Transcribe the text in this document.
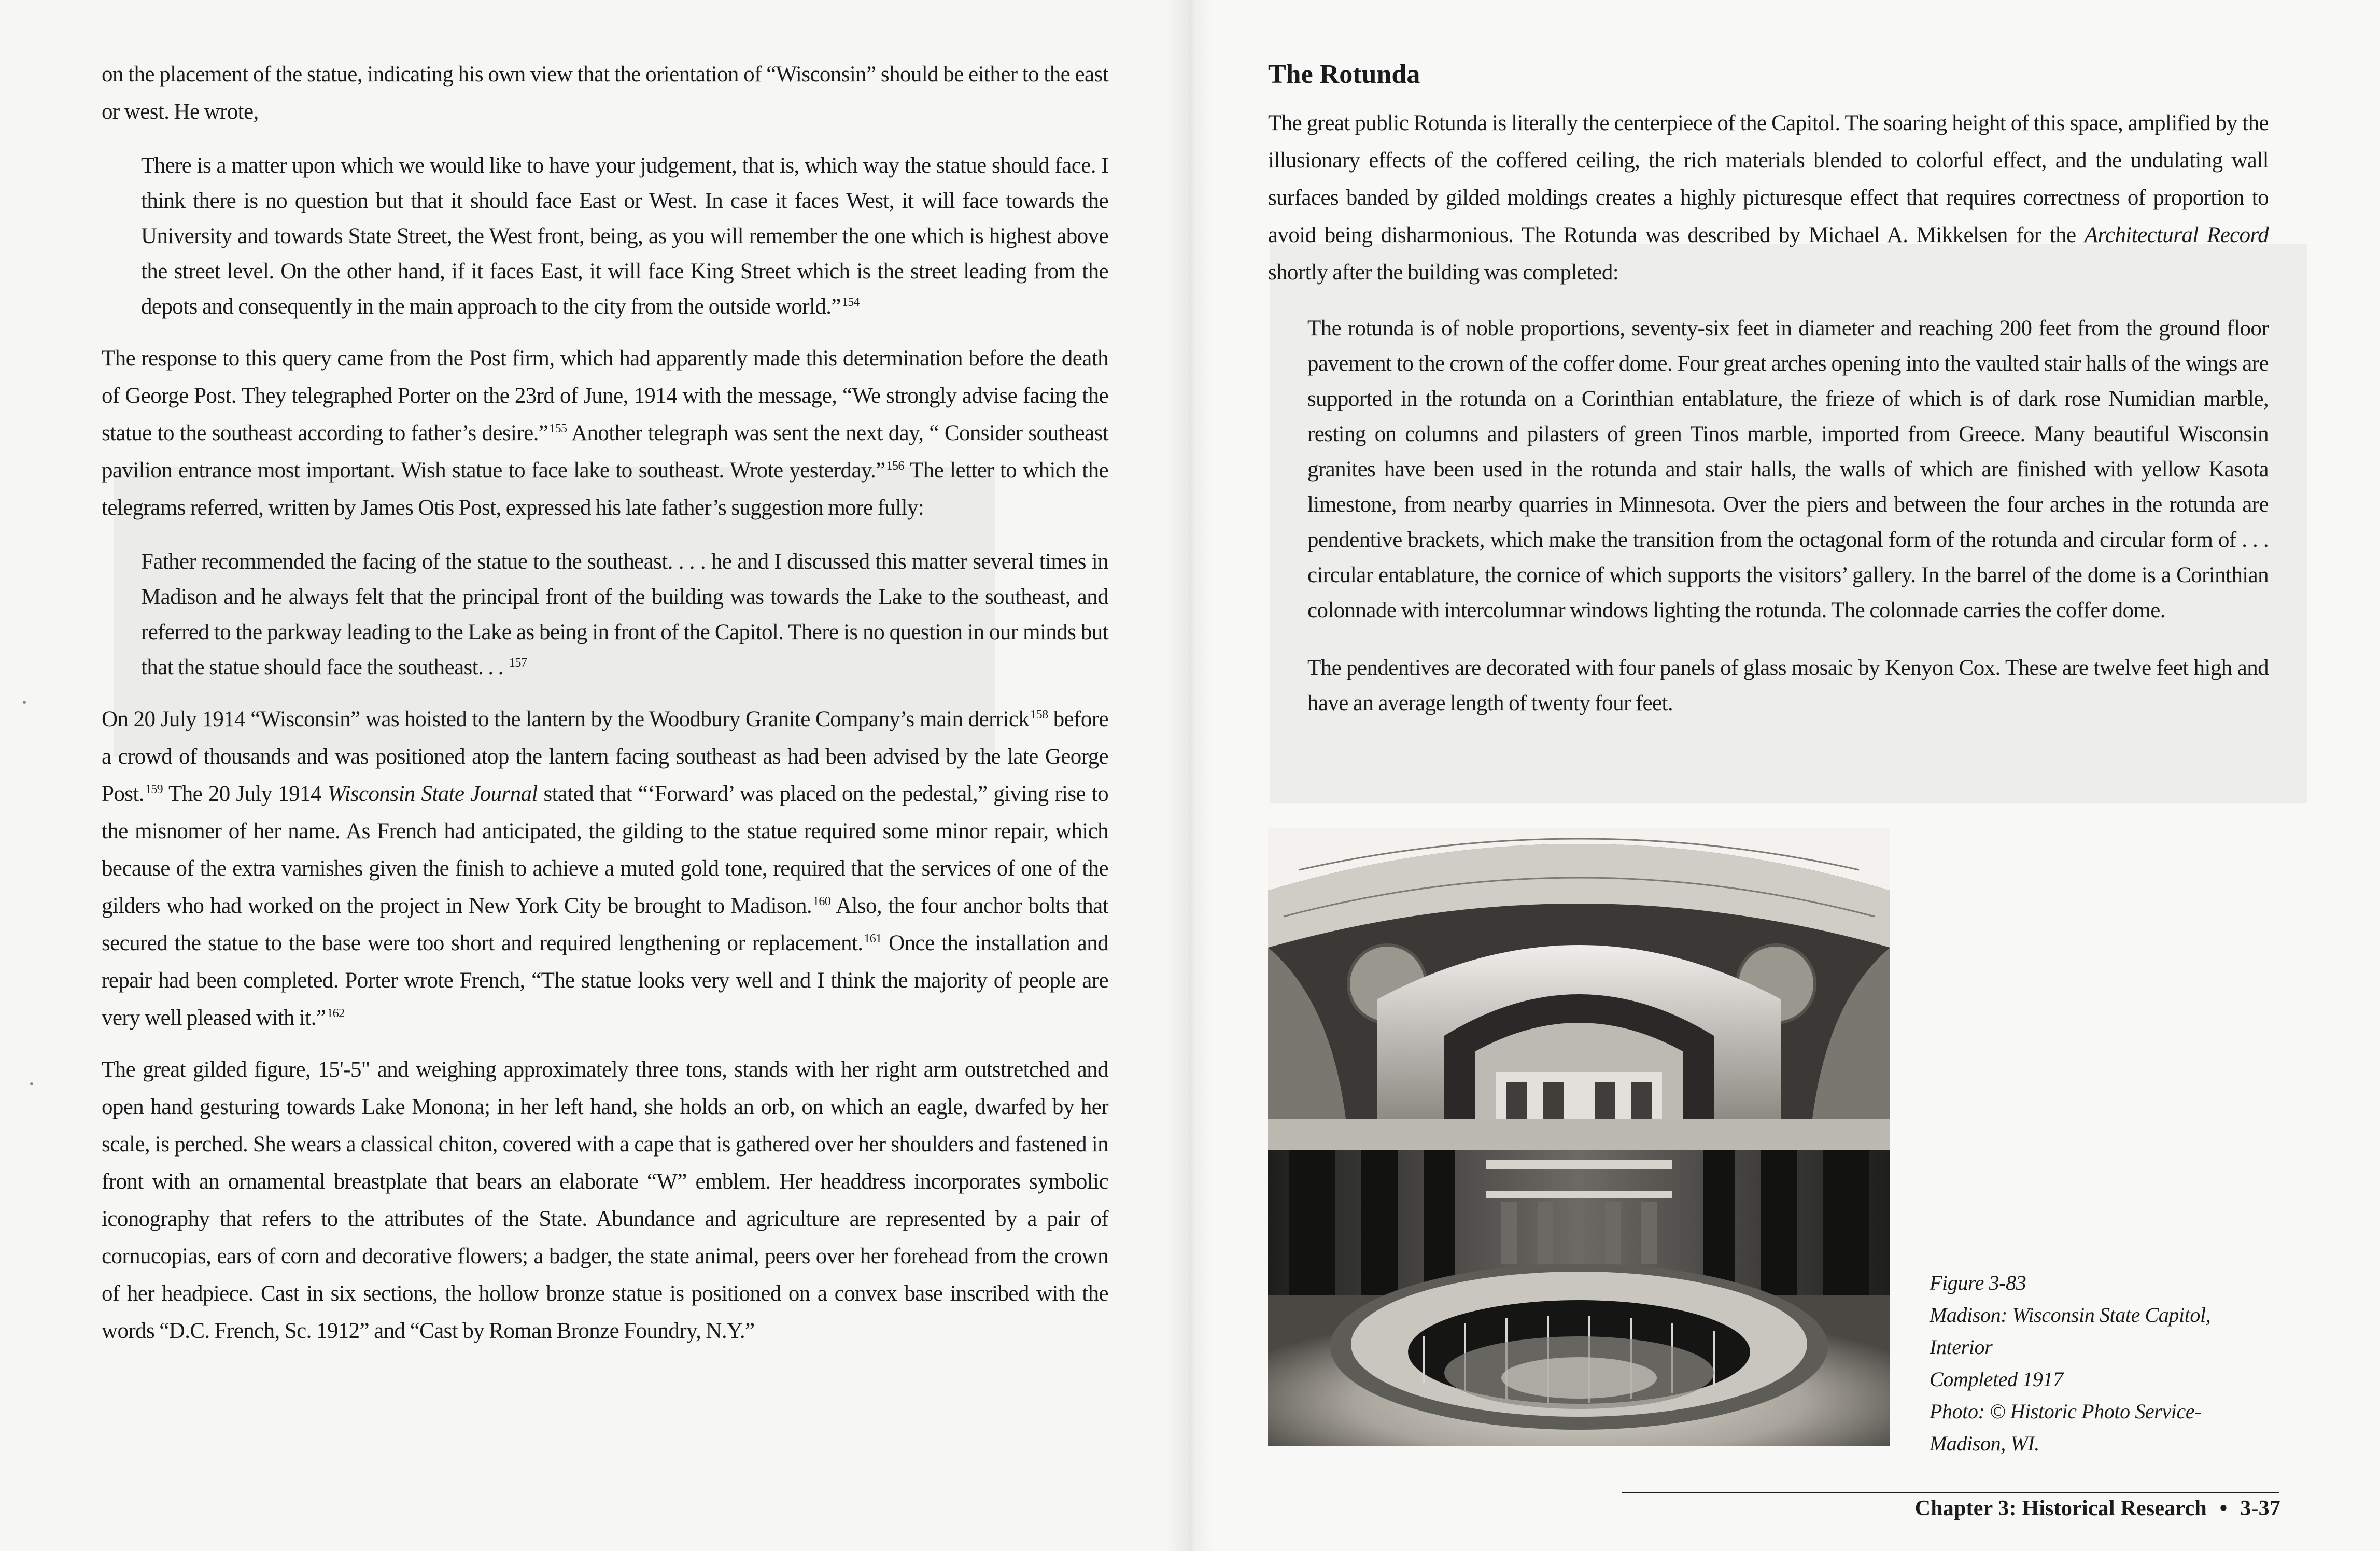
on the placement of the statue, indicating his own view that the orientation of “Wisconsin” should be either to the east or west. He wrote,

There is a matter upon which we would like to have your judgement, that is, which way the statue should face. I think there is no question but that it should face East or West. In case it faces West, it will face towards the University and towards State Street, the West front, being, as you will remember the one which is highest above the street level. On the other hand, if it faces East, it will face King Street which is the street leading from the depots and consequently in the main approach to the city from the outside world.”$^{154}$

The response to this query came from the Post firm, which had apparently made this determination before the death of George Post. They telegraphed Porter on the 23rd of June, 1914 with the message, “We strongly advise facing the statue to the southeast according to father’s desire.”$^{155}$ Another telegraph was sent the next day, “ Consider southeast pavilion entrance most important. Wish statue to face lake to southeast. Wrote yesterday.”$^{156}$ The letter to which the telegrams referred, written by James Otis Post, expressed his late father’s suggestion more fully:

Father recommended the facing of the statue to the southeast. . . . he and I discussed this matter several times in Madison and he always felt that the principal front of the building was towards the Lake to the southeast, and referred to the parkway leading to the Lake as being in front of the Capitol. There is no question in our minds but that the statue should face the southeast. . . $^{157}$

On 20 July 1914 “Wisconsin” was hoisted to the lantern by the Woodbury Granite Company’s main derrick$^{158}$ before a crowd of thousands and was positioned atop the lantern facing southeast as had been advised by the late George Post.$^{159}$ The 20 July 1914 Wisconsin State Journal stated that “‘Forward’ was placed on the pedestal,” giving rise to the misnomer of her name. As French had anticipated, the gilding to the statue required some minor repair, which because of the extra varnishes given the finish to achieve a muted gold tone, required that the services of one of the gilders who had worked on the project in New York City be brought to Madison.$^{160}$ Also, the four anchor bolts that secured the statue to the base were too short and required lengthening or replacement.$^{161}$ Once the installation and repair had been completed. Porter wrote French, “The statue looks very well and I think the majority of people are very well pleased with it.”$^{162}$

The great gilded figure, 15'-5" and weighing approximately three tons, stands with her right arm outstretched and open hand gesturing towards Lake Monona; in her left hand, she holds an orb, on which an eagle, dwarfed by her scale, is perched. She wears a classical chiton, covered with a cape that is gathered over her shoulders and fastened in front with an ornamental breastplate that bears an elaborate “W” emblem. Her headdress incorporates symbolic iconography that refers to the attributes of the State. Abundance and agriculture are represented by a pair of cornucopias, ears of corn and decorative flowers; a badger, the state animal, peers over her forehead from the crown of her headpiece. Cast in six sections, the hollow bronze statue is positioned on a convex base inscribed with the words “D.C. French, Sc. 1912” and “Cast by Roman Bronze Foundry, N.Y.”

The Rotunda

The great public Rotunda is literally the centerpiece of the Capitol. The soaring height of this space, amplified by the illusionary effects of the coffered ceiling, the rich materials blended to colorful effect, and the undulating wall surfaces banded by gilded moldings creates a highly picturesque effect that requires correctness of proportion to avoid being disharmonious. The Rotunda was described by Michael A. Mikkelsen for the Architectural Record shortly after the building was completed:

The rotunda is of noble proportions, seventy-six feet in diameter and reaching 200 feet from the ground floor pavement to the crown of the coffer dome. Four great arches opening into the vaulted stair halls of the wings are supported in the rotunda on a Corinthian entablature, the frieze of which is of dark rose Numidian marble, resting on columns and pilasters of green Tinos marble, imported from Greece. Many beautiful Wisconsin granites have been used in the rotunda and stair halls, the walls of which are finished with yellow Kasota limestone, from nearby quarries in Minnesota. Over the piers and between the four arches in the rotunda are pendentive brackets, which make the transition from the octagonal form of the rotunda and circular form of . . . circular entablature, the cornice of which supports the visitors’ gallery. In the barrel of the dome is a Corinthian colonnade with intercolumnar windows lighting the rotunda. The colonnade carries the coffer dome.

The pendentives are decorated with four panels of glass mosaic by Kenyon Cox. These are twelve feet high and have an average length of twenty four feet.

Figure 3-83
Madison: Wisconsin State Capitol,
Interior
Completed 1917
Photo: © Historic Photo Service-
Madison, WI.
Chapter 3: Historical Research • 3-37
